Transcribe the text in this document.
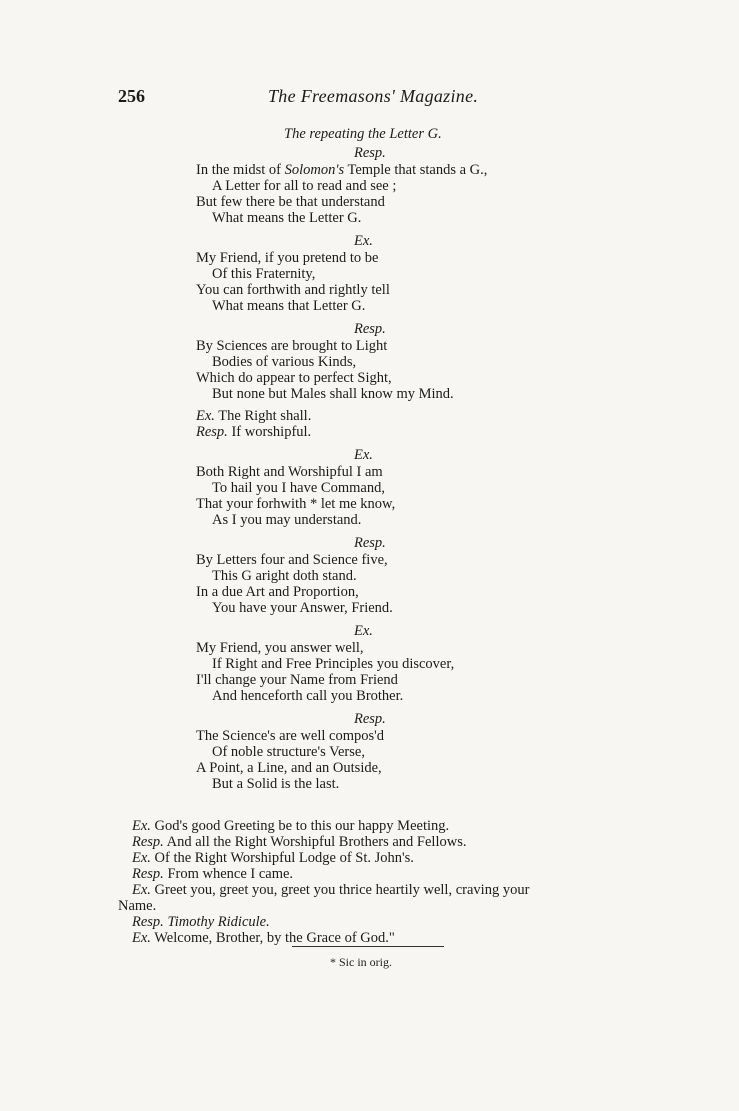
256	The Freemasons' Magazine.
The repeating the Letter G.
Resp.
In the midst of Solomon's Temple that stands a G.,
A Letter for all to read and see ;
But few there be that understand
What means the Letter G.
Ex.
My Friend, if you pretend to be
Of this Fraternity,
You can forthwith and rightly tell
What means that Letter G.
Resp.
By Sciences are brought to Light
Bodies of various Kinds,
Which do appear to perfect Sight,
But none but Males shall know my Mind.
Ex. The Right shall.
Resp. If worshipful.
Ex.
Both Right and Worshipful I am
To hail you I have Command,
That your forhwith * let me know,
As I you may understand.
Resp.
By Letters four and Science five,
This G aright doth stand.
In a due Art and Proportion,
You have your Answer, Friend.
Ex.
My Friend, you answer well,
If Right and Free Principles you discover,
I'll change your Name from Friend
And henceforth call you Brother.
Resp.
The Science's are well compos'd
Of noble structure's Verse,
A Point, a Line, and an Outside,
But a Solid is the last.
Ex. God's good Greeting be to this our happy Meeting.
Resp. And all the Right Worshipful Brothers and Fellows.
Ex. Of the Right Worshipful Lodge of St. John's.
Resp. From whence I came.
Ex. Greet you, greet you, greet you thrice heartily well, craving your
Name.
Resp. Timothy Ridicule.
Ex. Welcome, Brother, by the Grace of God."
* Sic in orig.
